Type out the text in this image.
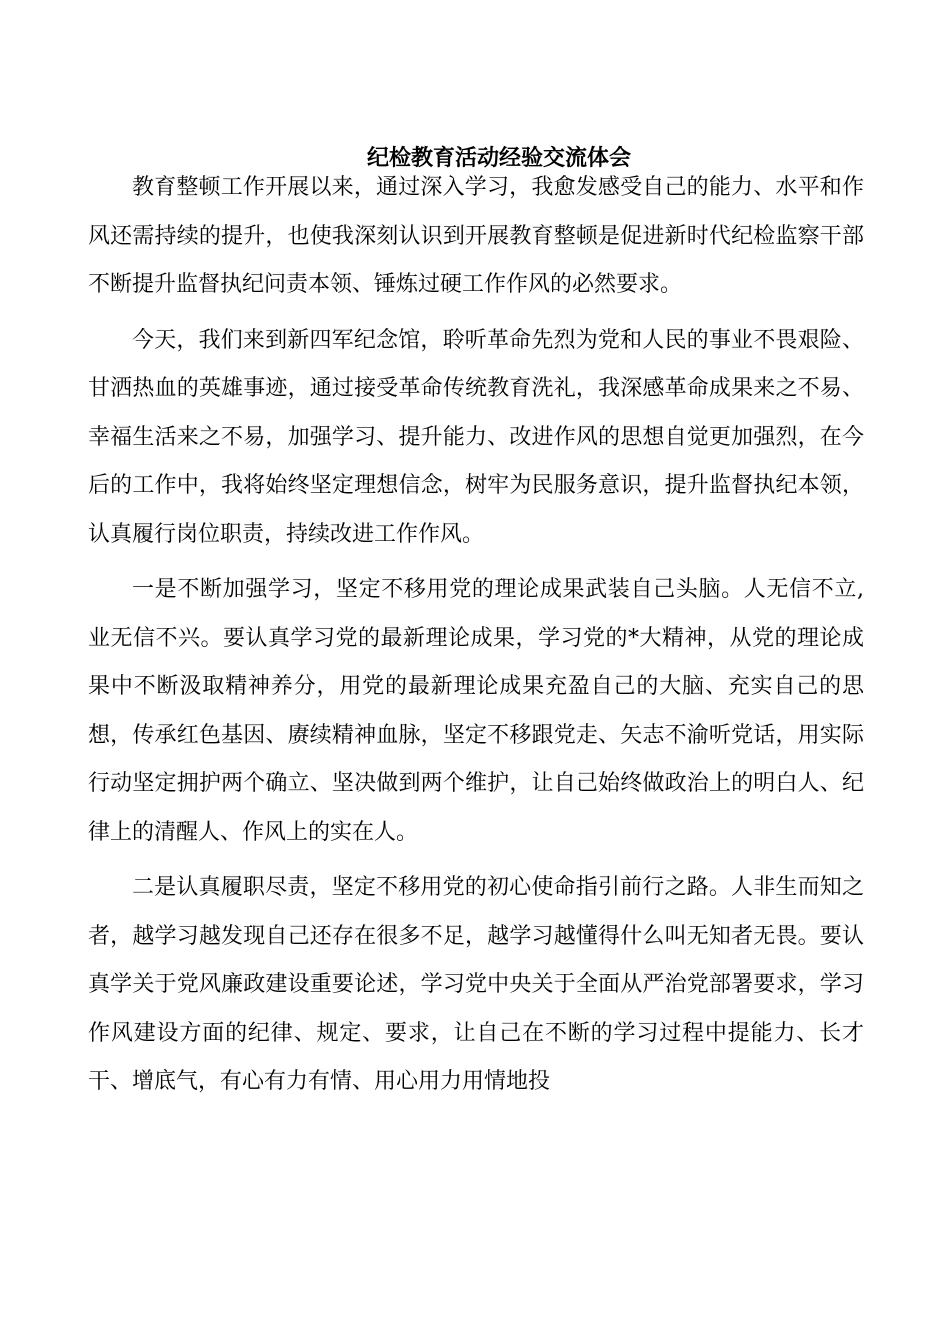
纪检教育活动经验交流体会

教育整顿工作开展以来，通过深入学习，我愈发感受自己的能力、水平和作风还需持续的提升，也使我深刻认识到开展教育整顿是促进新时代纪检监察干部不断提升监督执纪问责本领、锤炼过硬工作作风的必然要求。

今天，我们来到新四军纪念馆，聆听革命先烈为党和人民的事业不畏艰险、甘洒热血的英雄事迹，通过接受革命传统教育洗礼，我深感革命成果来之不易、幸福生活来之不易，加强学习、提升能力、改进作风的思想自觉更加强烈，在今后的工作中，我将始终坚定理想信念，树牢为民服务意识，提升监督执纪本领，认真履行岗位职责，持续改进工作作风。

一是不断加强学习，坚定不移用党的理论成果武装自己头脑。人无信不立,业无信不兴。要认真学习党的最新理论成果，学习党的*大精神，从党的理论成果中不断汲取精神养分，用党的最新理论成果充盈自己的大脑、充实自己的思想，传承红色基因、赓续精神血脉，坚定不移跟党走、矢志不渝听党话，用实际行动坚定拥护两个确立、坚决做到两个维护，让自己始终做政治上的明白人、纪律上的清醒人、作风上的实在人。

二是认真履职尽责，坚定不移用党的初心使命指引前行之路。人非生而知之者，越学习越发现自己还存在很多不足，越学习越懂得什么叫无知者无畏。要认真学关于党风廉政建设重要论述，学习党中央关于全面从严治党部署要求，学习作风建设方面的纪律、规定、要求，让自己在不断的学习过程中提能力、长才干、增底气，有心有力有情、用心用力用情地投
